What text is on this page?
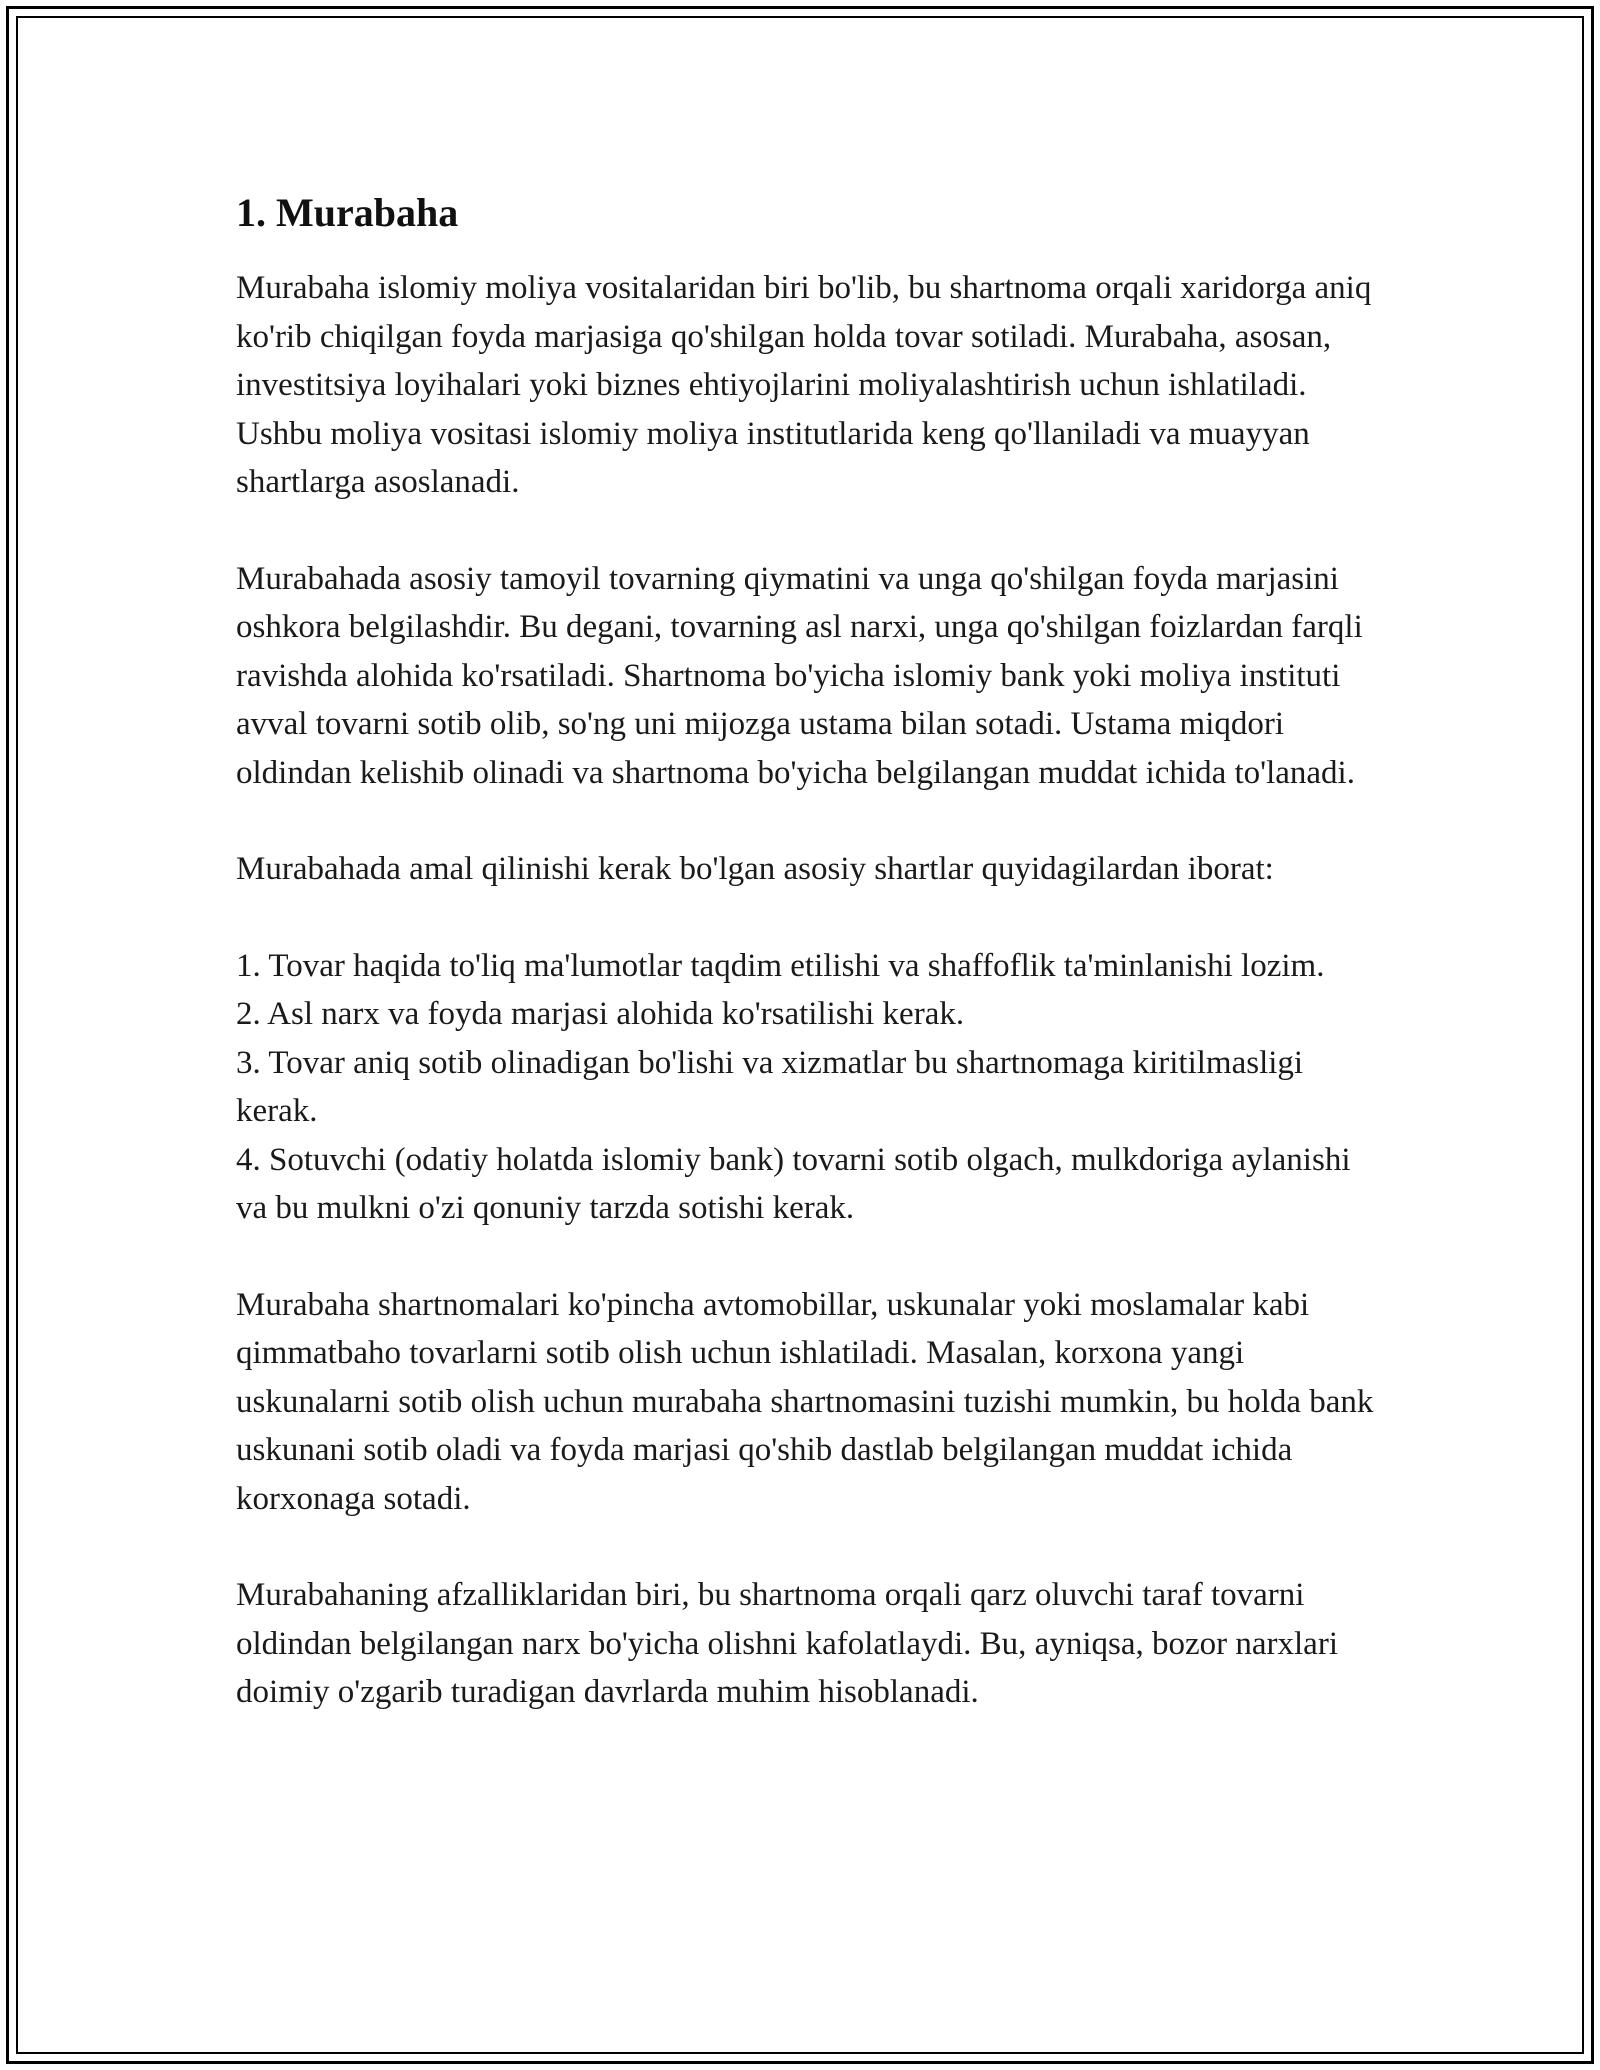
1. Murabaha

Murabaha islomiy moliya vositalaridan biri bo'lib, bu shartnoma orqali xaridorga aniq ko'rib chiqilgan foyda marjasiga qo'shilgan holda tovar sotiladi. Murabaha, asosan, investitsiya loyihalari yoki biznes ehtiyojlarini moliyalashtirish uchun ishlatiladi. Ushbu moliya vositasi islomiy moliya institutlarida keng qo'llaniladi va muayyan shartlarga asoslanadi.

Murabahada asosiy tamoyil tovarning qiymatini va unga qo'shilgan foyda marjasini oshkora belgilashdir. Bu degani, tovarning asl narxi, unga qo'shilgan foizlardan farqli ravishda alohida ko'rsatiladi. Shartnoma bo'yicha islomiy bank yoki moliya instituti avval tovarni sotib olib, so'ng uni mijozga ustama bilan sotadi. Ustama miqdori oldindan kelishib olinadi va shartnoma bo'yicha belgilangan muddat ichida to'lanadi.

Murabahada amal qilinishi kerak bo'lgan asosiy shartlar quyidagilardan iborat:

1. Tovar haqida to'liq ma'lumotlar taqdim etilishi va shaffoflik ta'minlanishi lozim.
2. Asl narx va foyda marjasi alohida ko'rsatilishi kerak.
3. Tovar aniq sotib olinadigan bo'lishi va xizmatlar bu shartnomaga kiritilmasligi kerak.
4. Sotuvchi (odatiy holatda islomiy bank) tovarni sotib olgach, mulkdoriga aylanishi va bu mulkni o'zi qonuniy tarzda sotishi kerak.

Murabaha shartnomalari ko'pincha avtomobillar, uskunalar yoki moslamalar kabi qimmatbaho tovarlarni sotib olish uchun ishlatiladi. Masalan, korxona yangi uskunalarni sotib olish uchun murabaha shartnomasini tuzishi mumkin, bu holda bank uskunani sotib oladi va foyda marjasi qo'shib dastlab belgilangan muddat ichida korxonaga sotadi.

Murabahaning afzalliklaridan biri, bu shartnoma orqali qarz oluvchi taraf tovarni oldindan belgilangan narx bo'yicha olishni kafolatlaydi. Bu, ayniqsa, bozor narxlari doimiy o'zgarib turadigan davrlarda muhim hisoblanadi.
